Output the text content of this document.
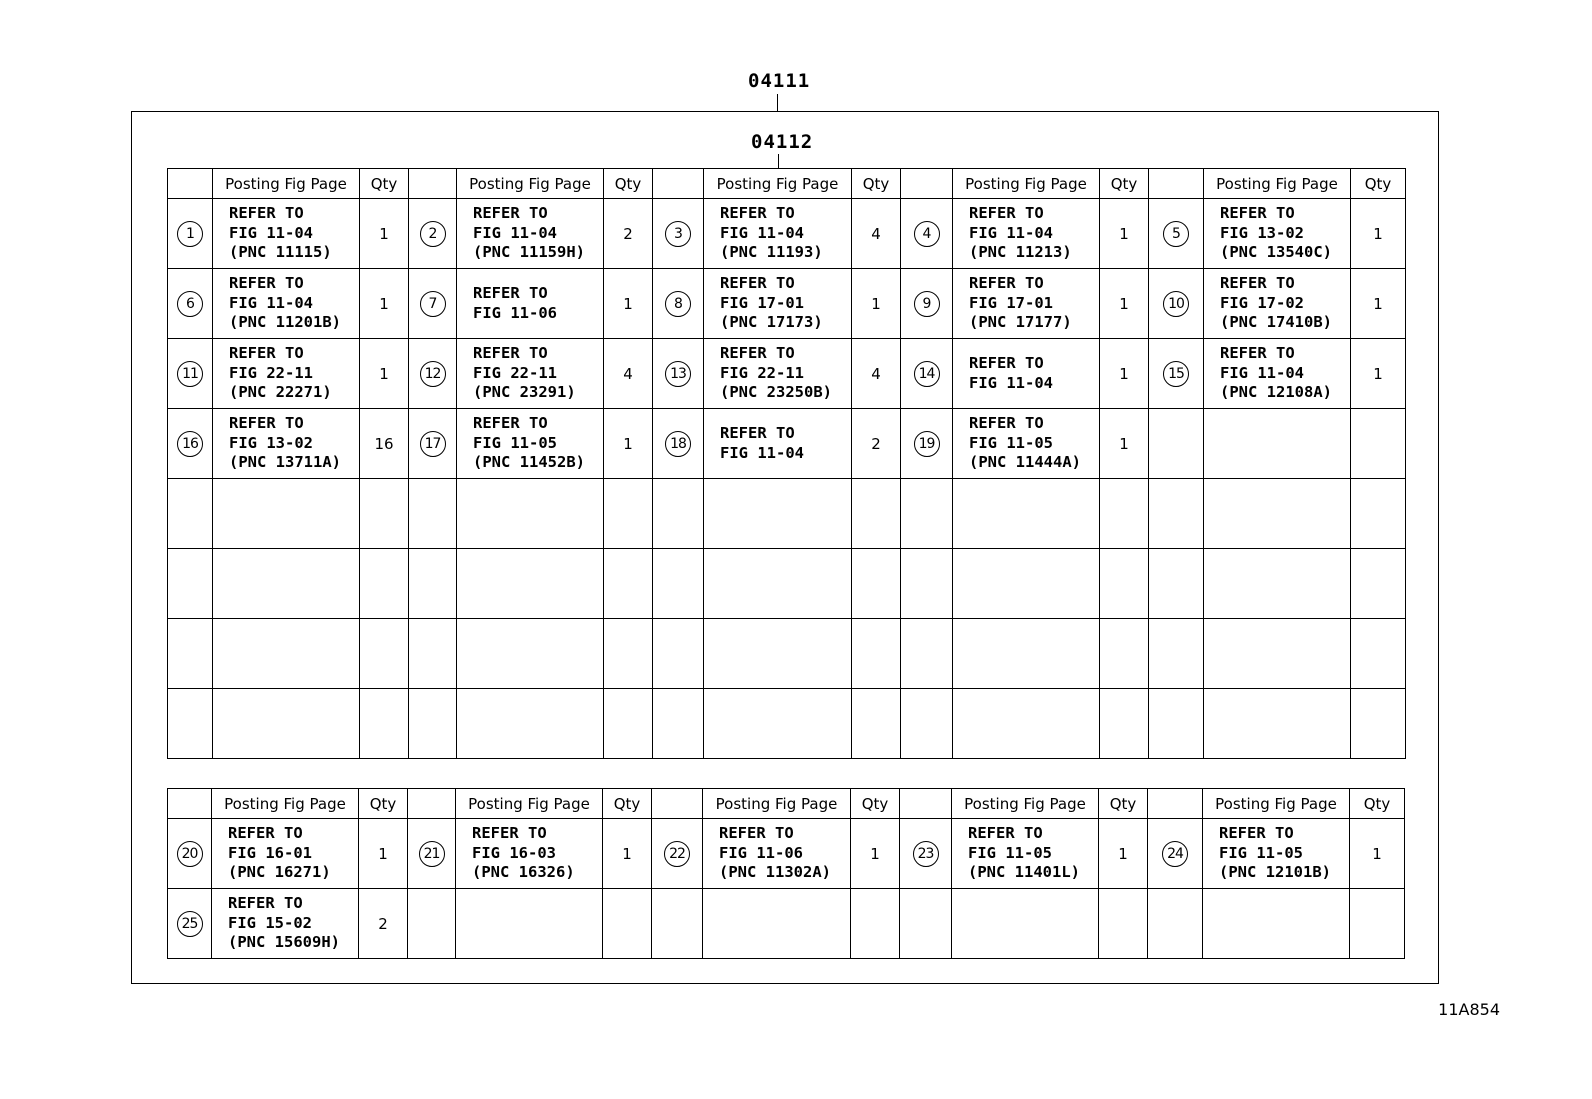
04111
04112
	Posting Fig Page	Qty		Posting Fig Page	Qty		Posting Fig Page	Qty		Posting Fig Page	Qty		Posting Fig Page	Qty
1	REFER TO
FIG 11-04
(PNC 11115)	1	2	REFER TO
FIG 11-04
(PNC 11159H)	2	3	REFER TO
FIG 11-04
(PNC 11193)	4	4	REFER TO
FIG 11-04
(PNC 11213)	1	5	REFER TO
FIG 13-02
(PNC 13540C)	1
6	REFER TO
FIG 11-04
(PNC 11201B)	1	7	REFER TO
FIG 11-06	1	8	REFER TO
FIG 17-01
(PNC 17173)	1	9	REFER TO
FIG 17-01
(PNC 17177)	1	10	REFER TO
FIG 17-02
(PNC 17410B)	1
11	REFER TO
FIG 22-11
(PNC 22271)	1	12	REFER TO
FIG 22-11
(PNC 23291)	4	13	REFER TO
FIG 22-11
(PNC 23250B)	4	14	REFER TO
FIG 11-04	1	15	REFER TO
FIG 11-04
(PNC 12108A)	1
16	REFER TO
FIG 13-02
(PNC 13711A)	16	17	REFER TO
FIG 11-05
(PNC 11452B)	1	18	REFER TO
FIG 11-04	2	19	REFER TO
FIG 11-05
(PNC 11444A)	1			

	Posting Fig Page	Qty		Posting Fig Page	Qty		Posting Fig Page	Qty		Posting Fig Page	Qty		Posting Fig Page	Qty
20	REFER TO
FIG 16-01
(PNC 16271)	1	21	REFER TO
FIG 16-03
(PNC 16326)	1	22	REFER TO
FIG 11-06
(PNC 11302A)	1	23	REFER TO
FIG 11-05
(PNC 11401L)	1	24	REFER TO
FIG 11-05
(PNC 12101B)	1
25	REFER TO
FIG 15-02
(PNC 15609H)	2												
11A854
